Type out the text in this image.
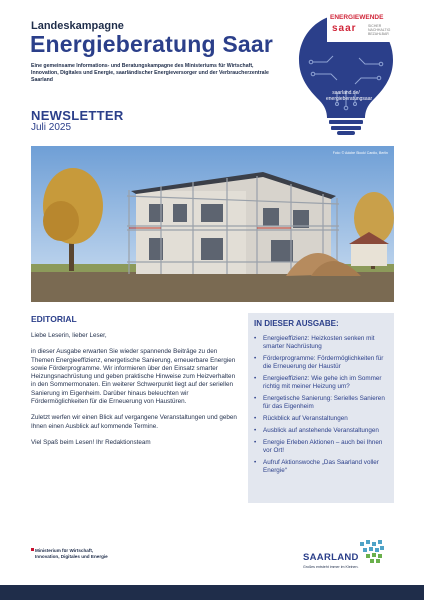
Landeskampagne
Energieberatung Saar
Eine gemeinsame Informations- und Beratungskampagne des Ministeriums für Wirtschaft, Innovation, Digitales und Energie, saarländischer Energieversorger und der Verbraucherzentrale Saarland
saarland.de/ energieberatungsaar
ENERGIEWENDE
saar	SICHER NACHHALTIG BEZAHLBAR
NEWSLETTER
Juli 2025
Foto: © Adobe Stock/ Cardio, Berlin
EDITORIAL

Liebe Leserin, lieber Leser,

in dieser Ausgabe erwarten Sie wieder spannende Beiträge zu den Themen Energieeffizienz, energetische Sanierung, erneuerbare Energien sowie Förderprogramme. Wir informieren über den Einsatz smarter Heizungsnachrüstung und geben praktische Hinweise zum Heizverhalten in den Sommermonaten. Ein weiterer Schwerpunkt liegt auf der seriellen Sanierung im Eigenheim. Darüber hinaus beleuchten wir Fördermöglichkeiten für die Erneuerung von Haustüren.

Zuletzt werfen wir einen Blick auf vergangene Veranstaltungen und geben Ihnen einen Ausblick auf kommende Termine.

Viel Spaß beim Lesen! Ihr Redaktionsteam

IN DIESER AUSGABE:
• Energieeffizienz: Heizkosten senken mit smarter Nachrüstung
• Förderprogramme: Fördermöglichkeiten für die Erneuerung der Haustür
• Energieeffizienz: Wie gehe ich im Sommer richtig mit meiner Heizung um?
• Energetische Sanierung: Serielles Sanieren für das Eigenheim
• Rückblick auf Veranstaltungen
• Ausblick auf anstehende Veranstaltungen
• Energie Erleben Aktionen – auch bei Ihnen vor Ort!
• Aufruf Aktionswoche „Das Saarland voller Energie“
Ministerium für Wirtschaft, Innovation, Digitales und Energie	SAARLAND
Großes entsteht immer im Kleinen.
